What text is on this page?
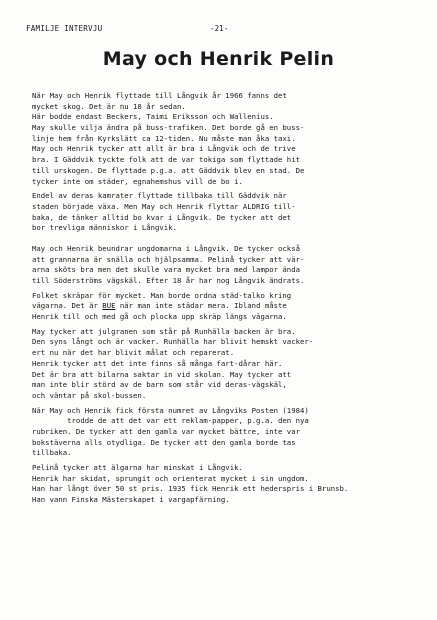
FAMILJE INTERVJU	-21-
May och Henrik Pelin
När May och Henrik flyttade till Långvik år 1966 fanns det
mycket skog. Det är nu 18 år sedan.
Här bodde endast Beckers, Taimi Eriksson och Wallenius.
May skulle vilja ändra på buss-trafiken. Det borde gå en buss-
linje hem från Kyrkslätt ca 12-tiden. Nu måste man åka taxi.
May och Henrik tycker att allt är bra i Långvik och de trive
bra. I Gäddvik tyckte folk att de var tokiga som flyttade hit
till urskogen. De flyttade p.g.a. att Gäddvik blev en stad. De
tycker inte om städer, egnahemshus vill de bo i.
Endel av deras kamrater flyttade tillbaka till Gäddvik när
staden började växa. Men May och Henrik flyttar ALDRIG till-
baka, de tänker alltid bo kvar i Långvik. De tycker att det
bor trevliga människor i Långvik.
May och Henrik beundrar ungdomarna i Långvik. De tycker också
att grannarna är snälla och hjälpsamma. Pelinå tycker att vär-
arna sköts bra men det skulle vara mycket bra med lampor ända
till Söderströms vägskäl. Efter 18 år har nog Långvik ändrats.
Folket skräpar för mycket. Man borde ordna städ-talko kring
vägarna. Det är BUE när man inte städar mera. Ibland måste
Henrik till och med gå och plocka upp skräp längs vägarna.
May tycker att julgranen som står på Runhälla backen är bra.
Den syns långt och är vacker. Runhälla har blivit hemskt vacker-
ert nu när det har blivit målat och reparerat.
Henrik tycker att det inte finns så många fart-dårar här.
Det är bra att bilarna saktar in vid skolan. May tycker att
man inte blir störd av de barn som står vid deras-vägskäl,
och väntar på skol-bussen.
När May och Henrik fick första numret av Långviks Posten (1984)
trodde de att det var ett reklam-papper, p.g.a. den nya
rubriken. De tycker att den gamla var mycket bättre, inte var
bokstäverna alls otydliga. De tycker att den gamla borde tas
tillbaka.
Pelinå tycker att älgarna har minskat i Långvik.
Henrik har skidat, sprungit och orienterat mycket i sin ungdom.
Han har långt över 50 st pris. 1935 fick Henrik ett hederspris i Brunsb.
Han vann Finska Mästerskapet i vargapfärning.
